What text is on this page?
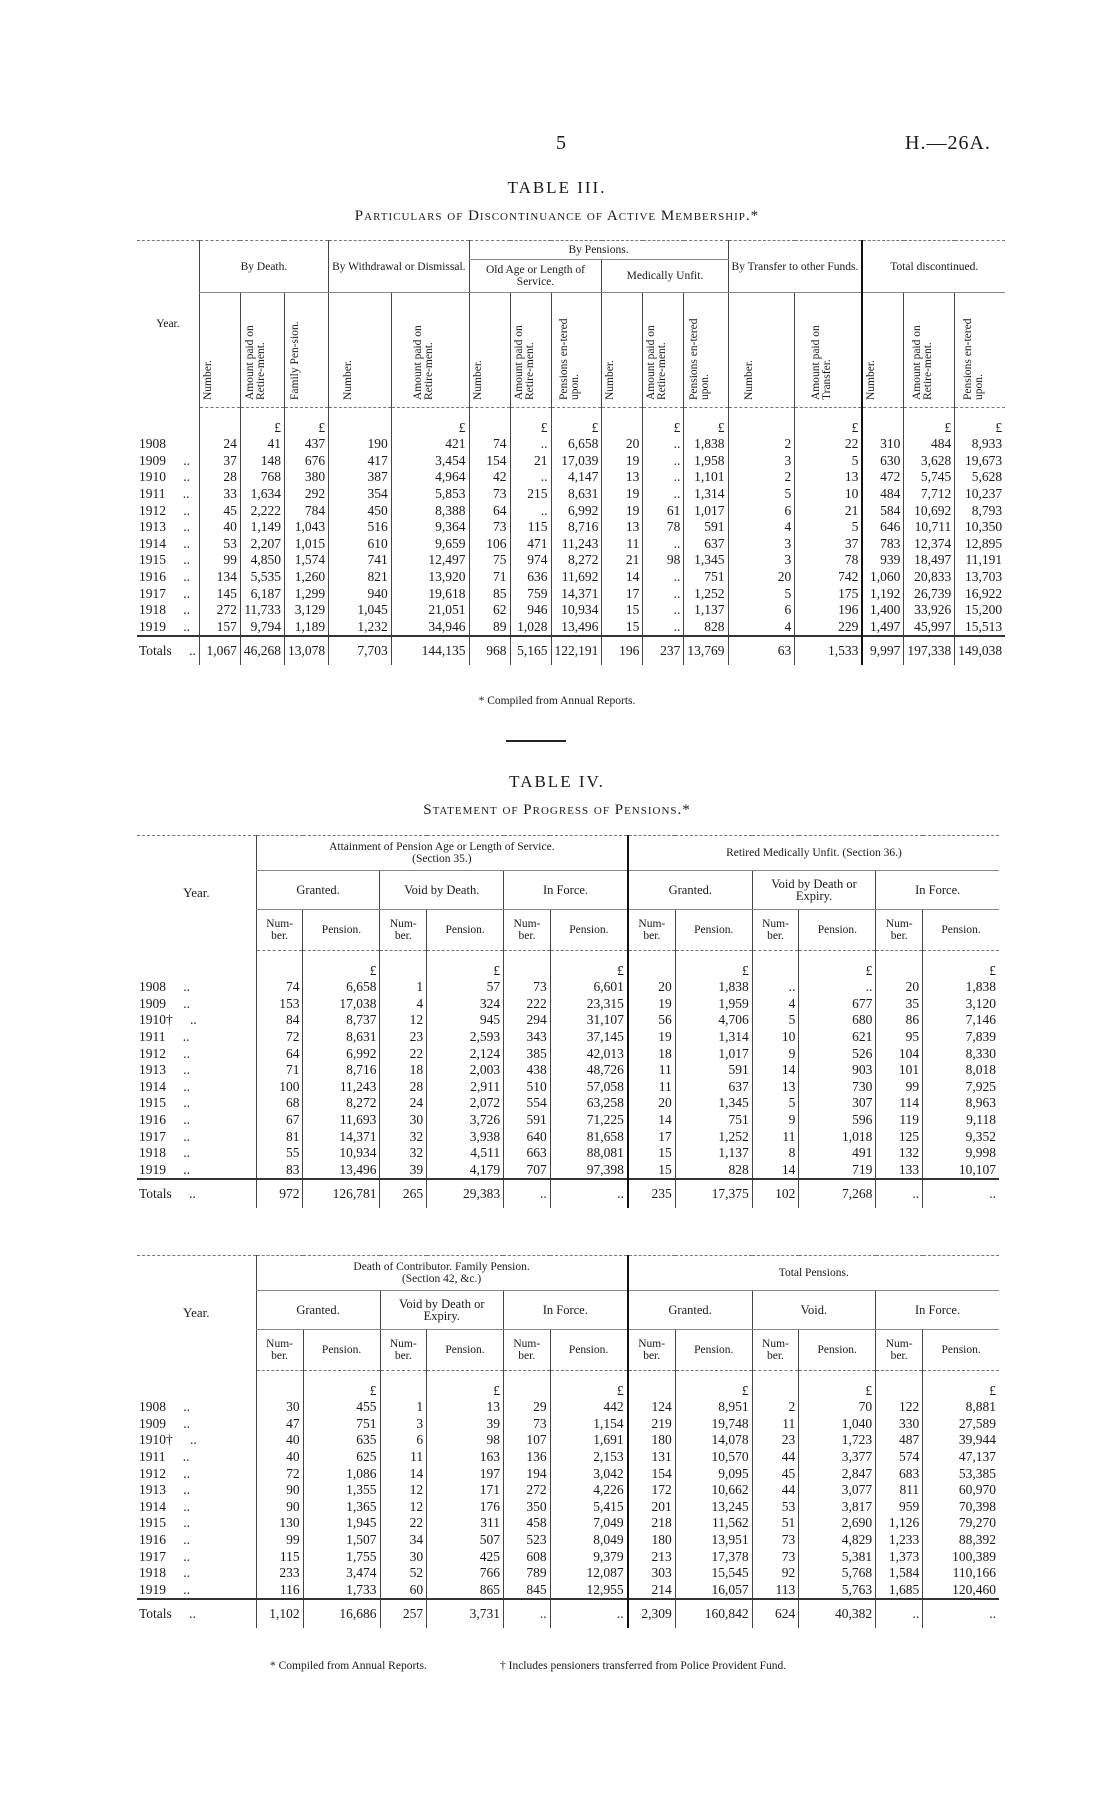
5	H.—26A.
TABLE III.
Particulars of Discontinuance of Active Membership.*
Year.	By Death.			By Withdrawal or Dismissal.		By Pensions.						By Transfer to other Funds.		Total discontinued.		
						Old Age or Length of Service.			Medically Unfit.							
	Number.	Amount paid on Retire-ment.	Family Pen-sion.	Number.	Amount paid on Retire-ment.	Number.	Amount paid on Retire-ment.	Pensions en-tered upon.	Number.	Amount paid on Retire-ment.	Pensions en-tered upon.	Number.	Amount paid on Transfer.	Number.	Amount paid on Retire-ment.	Pensions en-tered upon.
		£	£		£		£	£		£	£		£		£	£
1908	24	41	437	190	421	74	..	6,658	20	..	1,838	2	22	310	484	8,933
1909 ..	37	148	676	417	3,454	154	21	17,039	19	..	1,958	3	5	630	3,628	19,673
1910 ..	28	768	380	387	4,964	42	..	4,147	13	..	1,101	2	13	472	5,745	5,628
1911 ..	33	1,634	292	354	5,853	73	215	8,631	19	..	1,314	5	10	484	7,712	10,237
1912 ..	45	2,222	784	450	8,388	64	..	6,992	19	61	1,017	6	21	584	10,692	8,793
1913 ..	40	1,149	1,043	516	9,364	73	115	8,716	13	78	591	4	5	646	10,711	10,350
1914 ..	53	2,207	1,015	610	9,659	106	471	11,243	11	..	637	3	37	783	12,374	12,895
1915 ..	99	4,850	1,574	741	12,497	75	974	8,272	21	98	1,345	3	78	939	18,497	11,191
1916 ..	134	5,535	1,260	821	13,920	71	636	11,692	14	..	751	20	742	1,060	20,833	13,703
1917 ..	145	6,187	1,299	940	19,618	85	759	14,371	17	..	1,252	5	175	1,192	26,739	16,922
1918 ..	272	11,733	3,129	1,045	21,051	62	946	10,934	15	..	1,137	6	196	1,400	33,926	15,200
1919 ..	157	9,794	1,189	1,232	34,946	89	1,028	13,496	15	..	828	4	229	1,497	45,997	15,513
Totals ..	1,067	46,268	13,078	7,703	144,135	968	5,165	122,191	196	237	13,769	63	1,533	9,997	197,338	149,038
* Compiled from Annual Reports.
TABLE IV.
Statement of Progress of Pensions.*
Year.	Attainment of Pension Age or Length of Service.
(Section 35.)						Retired Medically Unfit. (Section 36.)					
	Granted.		Void by Death.		In Force.		Granted.		Void by Death or Expiry.		In Force.	
	Num-ber.	Pension.	Num-ber.	Pension.	Num-ber.	Pension.	Num-ber.	Pension.	Num-ber.	Pension.	Num-ber.	Pension.
		£		£		£		£		£		£
1908 ..	74	6,658	1	57	73	6,601	20	1,838	..	..	20	1,838
1909 ..	153	17,038	4	324	222	23,315	19	1,959	4	677	35	3,120
1910† ..	84	8,737	12	945	294	31,107	56	4,706	5	680	86	7,146
1911 ..	72	8,631	23	2,593	343	37,145	19	1,314	10	621	95	7,839
1912 ..	64	6,992	22	2,124	385	42,013	18	1,017	9	526	104	8,330
1913 ..	71	8,716	18	2,003	438	48,726	11	591	14	903	101	8,018
1914 ..	100	11,243	28	2,911	510	57,058	11	637	13	730	99	7,925
1915 ..	68	8,272	24	2,072	554	63,258	20	1,345	5	307	114	8,963
1916 ..	67	11,693	30	3,726	591	71,225	14	751	9	596	119	9,118
1917 ..	81	14,371	32	3,938	640	81,658	17	1,252	11	1,018	125	9,352
1918 ..	55	10,934	32	4,511	663	88,081	15	1,137	8	491	132	9,998
1919 ..	83	13,496	39	4,179	707	97,398	15	828	14	719	133	10,107
Totals ..	972	126,781	265	29,383	..	..	235	17,375	102	7,268	..	..
Year.	Death of Contributor. Family Pension.
(Section 42, &c.)						Total Pensions.					
	Granted.		Void by Death or Expiry.		In Force.		Granted.		Void.		In Force.	
	Num-ber.	Pension.	Num-ber.	Pension.	Num-ber.	Pension.	Num-ber.	Pension.	Num-ber.	Pension.	Num-ber.	Pension.
		£		£		£		£		£		£
1908 ..	30	455	1	13	29	442	124	8,951	2	70	122	8,881
1909 ..	47	751	3	39	73	1,154	219	19,748	11	1,040	330	27,589
1910† ..	40	635	6	98	107	1,691	180	14,078	23	1,723	487	39,944
1911 ..	40	625	11	163	136	2,153	131	10,570	44	3,377	574	47,137
1912 ..	72	1,086	14	197	194	3,042	154	9,095	45	2,847	683	53,385
1913 ..	90	1,355	12	171	272	4,226	172	10,662	44	3,077	811	60,970
1914 ..	90	1,365	12	176	350	5,415	201	13,245	53	3,817	959	70,398
1915 ..	130	1,945	22	311	458	7,049	218	11,562	51	2,690	1,126	79,270
1916 ..	99	1,507	34	507	523	8,049	180	13,951	73	4,829	1,233	88,392
1917 ..	115	1,755	30	425	608	9,379	213	17,378	73	5,381	1,373	100,389
1918 ..	233	3,474	52	766	789	12,087	303	15,545	92	5,768	1,584	110,166
1919 ..	116	1,733	60	865	845	12,955	214	16,057	113	5,763	1,685	120,460
Totals ..	1,102	16,686	257	3,731	..	..	2,309	160,842	624	40,382	..	..
* Compiled from Annual Reports.	† Includes pensioners transferred from Police Provident Fund.
